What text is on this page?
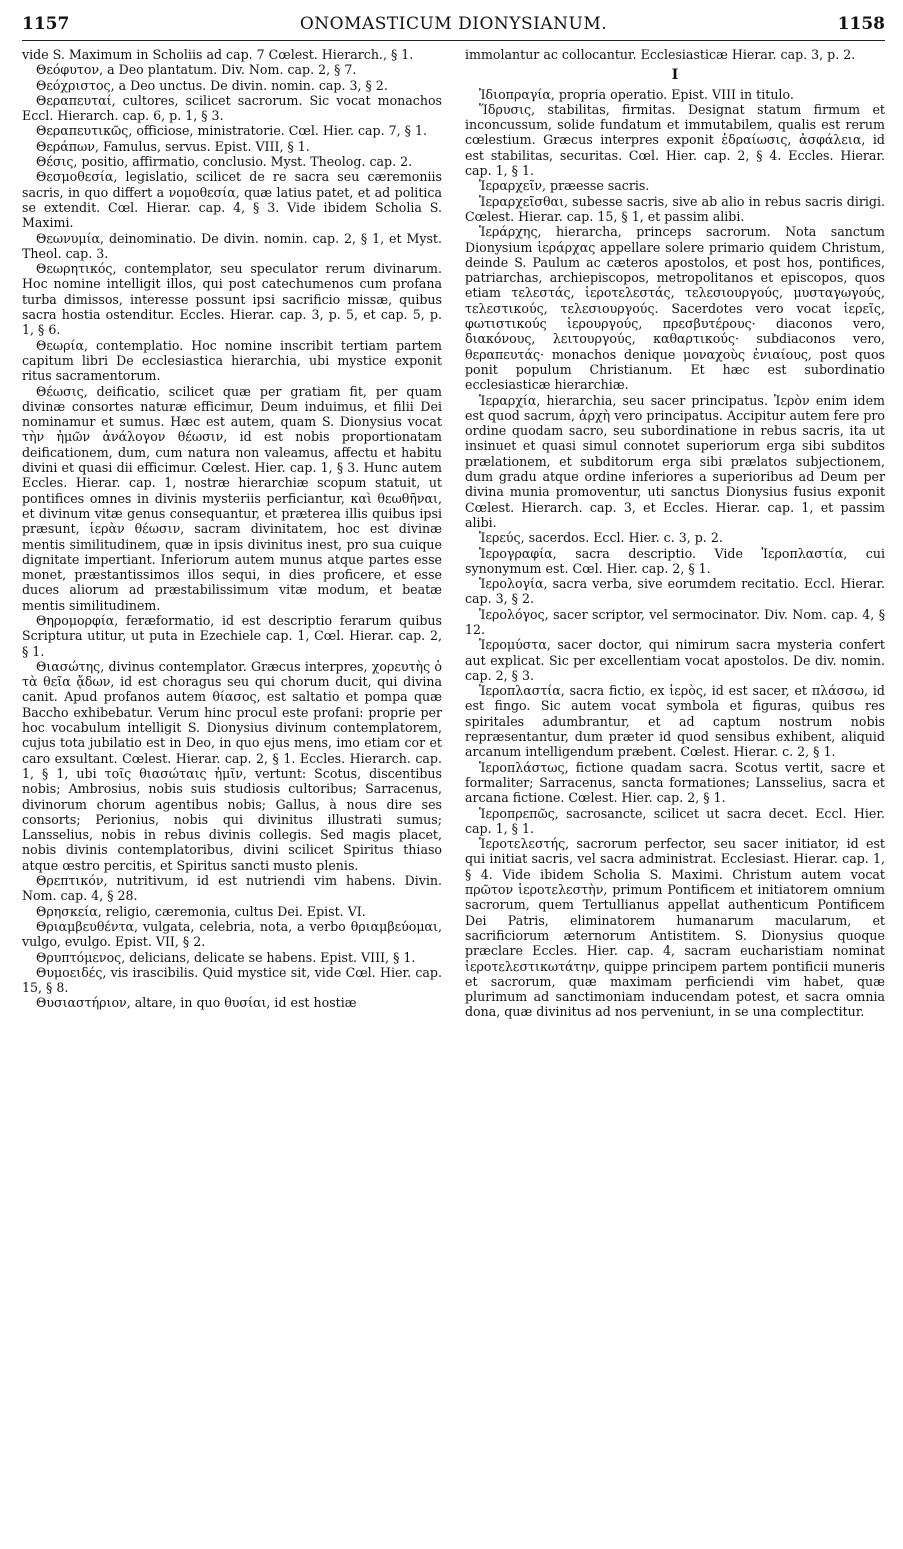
1157	ONOMASTICUM DIONYSIANUM.	1158

vide S. Maximum in Scholiis ad cap. 7 Cœlest. Hierarch., § 1.

Θεόφυτον, a Deo plantatum. Div. Nom. cap. 2, § 7.

Θεόχριστος, a Deo unctus. De divin. nomin. cap. 3, § 2.

Θεραπευταί, cultores, scilicet sacrorum. Sic vocat monachos Eccl. Hierarch. cap. 6, p. 1, § 3.

Θεραπευτικῶς, officiose, ministratorie. Cœl. Hier. cap. 7, § 1.

Θεράπων, Famulus, servus. Epist. VIII, § 1.

Θέσις, positio, affirmatio, conclusio. Myst. Theolog. cap. 2.

Θεσμοθεσία, legislatio, scilicet de re sacra seu cæremoniis sacris, in quo differt a νομοθεσία, quæ latius patet, et ad politica se extendit. Cœl. Hierar. cap. 4, § 3. Vide ibidem Scholia S. Maximi.

Θεωνυμία, deinominatio. De divin. nomin. cap. 2, § 1, et Myst. Theol. cap. 3.

Θεωρητικός, contemplator, seu speculator rerum divinarum. Hoc nomine intelligit illos, qui post catechumenos cum profana turba dimissos, interesse possunt ipsi sacrificio missæ, quibus sacra hostia ostenditur. Eccles. Hierar. cap. 3, p. 5, et cap. 5, p. 1, § 6.

Θεωρία, contemplatio. Hoc nomine inscribit tertiam partem capitum libri De ecclesiastica hierarchia, ubi mystice exponit ritus sacramentorum.

Θέωσις, deificatio, scilicet quæ per gratiam fit, per quam divinæ consortes naturæ efficimur, Deum induimus, et filii Dei nominamur et sumus. Hæc est autem, quam S. Dionysius vocat τὴν ἡμῶν ἀνάλογον θέωσιν, id est nobis proportionatam deificationem, dum, cum natura non valeamus, affectu et habitu divini et quasi dii efficimur. Cœlest. Hier. cap. 1, § 3. Hunc autem Eccles. Hierar. cap. 1, nostræ hierarchiæ scopum statuit, ut pontifices omnes in divinis mysteriis perficiantur, καὶ θεωθῆναι, et divinum vitæ genus consequantur, et præterea illis quibus ipsi præsunt, ἱερὰν θέωσιν, sacram divinitatem, hoc est divinæ mentis similitudinem, quæ in ipsis divinitus inest, pro sua cuique dignitate impertiant. Inferiorum autem munus atque partes esse monet, præstantissimos illos sequi, in dies proficere, et esse duces aliorum ad præstabilissimum vitæ modum, et beatæ mentis similitudinem.

Θηρομορφία, feræformatio, id est descriptio ferarum quibus Scriptura utitur, ut puta in Ezechiele cap. 1, Cœl. Hierar. cap. 2, § 1.

Θιασώτης, divinus contemplator. Græcus interpres, χορευτὴς ὁ τὰ θεῖα ᾄδων, id est choragus seu qui chorum ducit, qui divina canit. Apud profanos autem θίασος, est saltatio et pompa quæ Baccho exhibebatur. Verum hinc procul este profani: proprie per hoc vocabulum intelligit S. Dionysius divinum contemplatorem, cujus tota jubilatio est in Deo, in quo ejus mens, imo etiam cor et caro exsultant. Cœlest. Hierar. cap. 2, § 1. Eccles. Hierarch. cap. 1, § 1, ubi τοῖς θιασώταις ἡμῖν, vertunt: Scotus, discentibus nobis; Ambrosius, nobis suis studiosis cultoribus; Sarracenus, divinorum chorum agentibus nobis; Gallus, à nous dire ses consorts; Perionius, nobis qui divinitus illustrati sumus; Lansselius, nobis in rebus divinis collegis. Sed magis placet, nobis divinis contemplatoribus, divini scilicet Spiritus thiaso atque œstro percitis, et Spiritus sancti musto plenis.

Θρεπτικόν, nutritivum, id est nutriendi vim habens. Divin. Nom. cap. 4, § 28.

Θρησκεία, religio, cæremonia, cultus Dei. Epist. VI.

Θριαμβευθέντα, vulgata, celebria, nota, a verbo θριαμβεύομαι, vulgo, evulgo. Epist. VII, § 2.

Θρυπτόμενος, delicians, delicate se habens. Epist. VIII, § 1.

Θυμοειδές, vis irascibilis. Quid mystice sit, vide Cœl. Hier. cap. 15, § 8.

Θυσιαστήριον, altare, in quo θυσίαι, id est hostiæ

immolantur ac collocantur. Ecclesiasticæ Hierar. cap. 3, p. 2.

I

Ἰδιοπραγία, propria operatio. Epist. VIII in titulo.

Ἵδρυσις, stabilitas, firmitas. Designat statum firmum et inconcussum, solide fundatum et immutabilem, qualis est rerum cœlestium. Græcus interpres exponit ἑδραίωσις, ἀσφάλεια, id est stabilitas, securitas. Cœl. Hier. cap. 2, § 4. Eccles. Hierar. cap. 1, § 1.

Ἱεραρχεῖν, præesse sacris.

Ἱεραρχεῖσθαι, subesse sacris, sive ab alio in rebus sacris dirigi. Cœlest. Hierar. cap. 15, § 1, et passim alibi.

Ἱεράρχης, hierarcha, princeps sacrorum. Nota sanctum Dionysium ἱεράρχας appellare solere primario quidem Christum, deinde S. Paulum ac cæteros apostolos, et post hos, pontifices, patriarchas, archiepiscopos, metropolitanos et episcopos, quos etiam τελεστάς, ἱεροτελεστάς, τελεσιουργούς, μυσταγωγούς, τελεστικούς, τελεσιουργούς. Sacerdotes vero vocat ἱερεῖς, φωτιστικούς ἱερουργούς, πρεσβυτέρους· diaconos vero, διακόνους, λειτουργούς, καθαρτικούς· subdiaconos vero, θεραπευτάς· monachos denique μοναχοὺς ἐνιαίους, post quos ponit populum Christianum. Et hæc est subordinatio ecclesiasticæ hierarchiæ.

Ἱεραρχία, hierarchia, seu sacer principatus. Ἱερὸν enim idem est quod sacrum, ἀρχὴ vero principatus. Accipitur autem fere pro ordine quodam sacro, seu subordinatione in rebus sacris, ita ut insinuet et quasi simul connotet superiorum erga sibi subditos prælationem, et subditorum erga sibi prælatos subjectionem, dum gradu atque ordine inferiores a superioribus ad Deum per divina munia promoventur, uti sanctus Dionysius fusius exponit Cœlest. Hierarch. cap. 3, et Eccles. Hierar. cap. 1, et passim alibi.

Ἱερεύς, sacerdos. Eccl. Hier. c. 3, p. 2.

Ἱερογραφία, sacra descriptio. Vide Ἱεροπλαστία, cui synonymum est. Cœl. Hier. cap. 2, § 1.

Ἱερολογία, sacra verba, sive eorumdem recitatio. Eccl. Hierar. cap. 3, § 2.

Ἱερολόγος, sacer scriptor, vel sermocinator. Div. Nom. cap. 4, § 12.

Ἱερομύστα, sacer doctor, qui nimirum sacra mysteria confert aut explicat. Sic per excellentiam vocat apostolos. De div. nomin. cap. 2, § 3.

Ἱεροπλαστία, sacra fictio, ex ἱερὸς, id est sacer, et πλάσσω, id est fingo. Sic autem vocat symbola et figuras, quibus res spiritales adumbrantur, et ad captum nostrum nobis repræsentantur, dum præter id quod sensibus exhibent, aliquid arcanum intelligendum præbent. Cœlest. Hierar. c. 2, § 1.

Ἱεροπλάστως, fictione quadam sacra. Scotus vertit, sacre et formaliter; Sarracenus, sancta formationes; Lansselius, sacra et arcana fictione. Cœlest. Hier. cap. 2, § 1.

Ἱεροπρεπῶς, sacrosancte, scilicet ut sacra decet. Eccl. Hier. cap. 1, § 1.

Ἱεροτελεστής, sacrorum perfector, seu sacer initiator, id est qui initiat sacris, vel sacra administrat. Ecclesiast. Hierar. cap. 1, § 4. Vide ibidem Scholia S. Maximi. Christum autem vocat πρῶτον ἱεροτελεστὴν, primum Pontificem et initiatorem omnium sacrorum, quem Tertullianus appellat authenticum Pontificem Dei Patris, eliminatorem humanarum macularum, et sacrificiorum æternorum Antistitem. S. Dionysius quoque præclare Eccles. Hier. cap. 4, sacram eucharistiam nominat ἱεροτελεστικωτάτην, quippe principem partem pontificii muneris et sacrorum, quæ maximam perficiendi vim habet, quæ plurimum ad sanctimoniam inducendam potest, et sacra omnia dona, quæ divinitus ad nos perveniunt, in se una complectitur.
